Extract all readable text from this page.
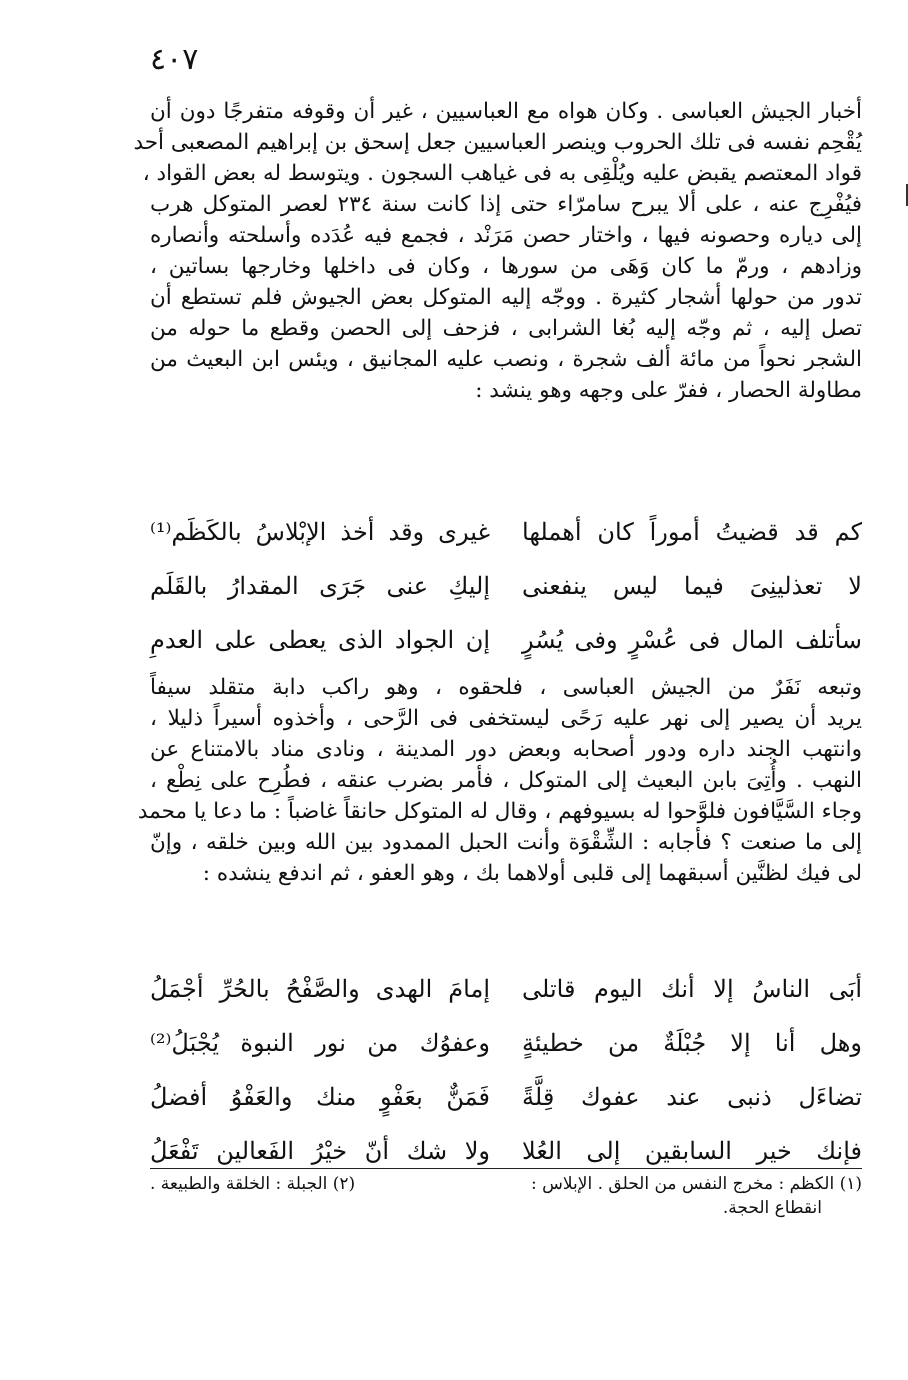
٤٠٧
أخبار الجيش العباسى . وكان هواه مع العباسيين ، غير أن وقوفه متفرجًا دون أن
يُقْحِم نفسه فى تلك الحروب وينصر العباسيين جعل إسحق بن إبراهيم المصعبى أحد
قواد المعتصم يقبض عليه ويُلْقِى به فى غياهب السجون . ويتوسط له بعض القواد ،
فيُفْرِج عنه ، على ألا يبرح سامرّاء حتى إذا كانت سنة ٢٣٤ لعصر المتوكل هرب
إلى دياره وحصونه فيها ، واختار حصن مَرَنْد ، فجمع فيه عُدَده وأسلحته وأنصاره
وزادهم ، ورمّ ما كان وَهَى من سورها ، وكان فى داخلها وخارجها بساتين ،
تدور من حولها أشجار كثيرة . ووجّه إليه المتوكل بعض الجيوش فلم تستطع أن
تصل إليه ، ثم وجّه إليه بُغا الشرابى ، فزحف إلى الحصن وقطع ما حوله من
الشجر نحواً من مائة ألف شجرة ، ونصب عليه المجانيق ، ويئس ابن البعيث من
مطاولة الحصار ، ففرّ على وجهه وهو ينشد :
كم قد قضيتُ أموراً كان أهملها
غيرى وقد أخذ الإبْلاسُ بالكَظَم⁽¹⁾
لا تعذلينِىَ فيما ليس ينفعنى
إليكِ عنى جَرَى المقدارُ بالقَلَم
سأتلف المال فى عُسْرٍ وفى يُسُرٍ
إن الجواد الذى يعطى على العدمِ
وتبعه نَفَرٌ من الجيش العباسى ، فلحقوه ، وهو راكب دابة متقلد سيفاً
يريد أن يصير إلى نهر عليه رَحًى ليستخفى فى الرَّحى ، وأخذوه أسيراً ذليلا ،
وانتهب الجند داره ودور أصحابه وبعض دور المدينة ، ونادى مناد بالامتناع عن
النهب . وأُتِىَ بابن البعيث إلى المتوكل ، فأمر بضرب عنقه ، فطُرِح على نِطْع ،
وجاء السَّيَّافون فلوَّحوا له بسيوفهم ، وقال له المتوكل حانقاً غاضباً : ما دعا يا محمد
إلى ما صنعت ؟ فأجابه : الشِّقْوَة وأنت الحبل الممدود بين الله وبين خلقه ، وإنّ
لى فيك لظنَّين أسبقهما إلى قلبى أولاهما بك ، وهو العفو ، ثم اندفع ينشده :
أبَى الناسُ إلا أنك اليوم قاتلى
إمامَ الهدى والصَّفْحُ بالحُرِّ أجْمَلُ
وهل أنا إلا جُبْلَةٌ من خطيئةٍ
وعفوُك من نور النبوة يُجْبَلُ⁽²⁾
تضاءَل ذنبى عند عفوك قِلَّةً
فَمَنٌّ بعَفْوٍ منك والعَفْوُ أفضلُ
فإنك خير السابقين إلى العُلا
ولا شك أنّ خيْرُ الفَعالين تَفْعَلُ
(١) الكظم : مخرج النفس من الحلق . الإبلاس :
(٢) الجبلة : الخلقة والطبيعة .
انقطاع الحجة.
